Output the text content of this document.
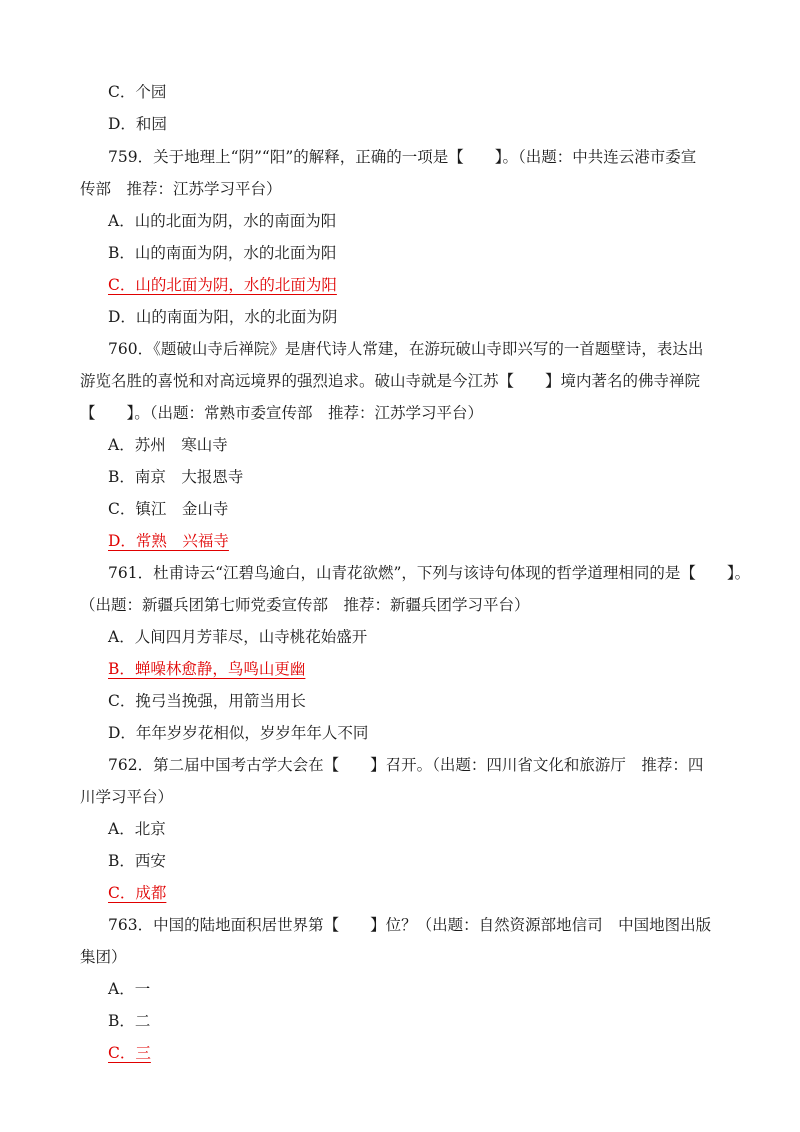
C．个园
D．和园
759．关于地理上“阴”“阳”的解释，正确的一项是【　　】。（出题：中共连云港市委宣
传部　推荐：江苏学习平台）
A．山的北面为阴，水的南面为阳
B．山的南面为阴，水的北面为阳
C．山的北面为阴，水的北面为阳
D．山的南面为阳，水的北面为阴
760．《题破山寺后禅院》是唐代诗人常建，在游玩破山寺即兴写的一首题壁诗，表达出
游览名胜的喜悦和对高远境界的强烈追求。破山寺就是今江苏【　　】境内著名的佛寺禅院
【　　】。（出题：常熟市委宣传部　推荐：江苏学习平台）
A．苏州　寒山寺
B．南京　大报恩寺
C．镇江　金山寺
D．常熟　兴福寺
761．杜甫诗云“江碧鸟逾白，山青花欲燃”，下列与该诗句体现的哲学道理相同的是【　　】。
（出题：新疆兵团第七师党委宣传部　推荐：新疆兵团学习平台）
A．人间四月芳菲尽，山寺桃花始盛开
B．蝉噪林愈静，鸟鸣山更幽
C．挽弓当挽强，用箭当用长
D．年年岁岁花相似，岁岁年年人不同
762．第二届中国考古学大会在【　　】召开。（出题：四川省文化和旅游厅　推荐：四
川学习平台）
A．北京
B．西安
C．成都
763．中国的陆地面积居世界第【　　】位？（出题：自然资源部地信司　中国地图出版
集团）
A．一
B．二
C．三
